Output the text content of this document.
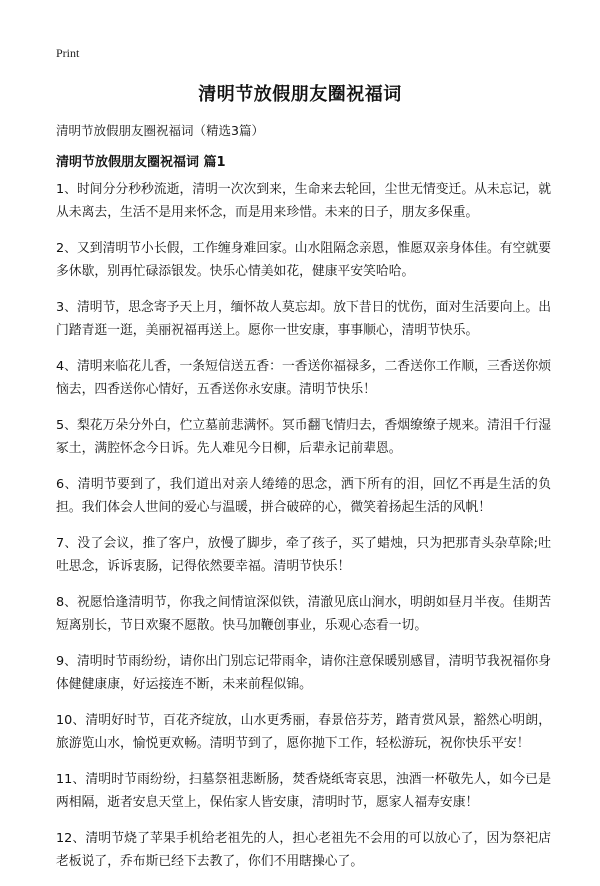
Print
清明节放假朋友圈祝福词

清明节放假朋友圈祝福词（精选3篇）

清明节放假朋友圈祝福词 篇1
1、时间分分秒秒流逝，清明一次次到来，生命来去轮回，尘世无情变迁。从未忘记，就从未离去，生活不是用来怀念，而是用来珍惜。未来的日子，朋友多保重。
2、又到清明节小长假，工作缠身难回家。山水阻隔念亲恩，惟愿双亲身体佳。有空就要多休歇，别再忙碌添银发。快乐心情美如花，健康平安笑哈哈。
3、清明节，思念寄予天上月，缅怀故人莫忘却。放下昔日的忧伤，面对生活要向上。出门踏青逛一逛，美丽祝福再送上。愿你一世安康，事事顺心，清明节快乐。
4、清明来临花儿香，一条短信送五香：一香送你福禄多，二香送你工作顺，三香送你烦恼去，四香送你心情好，五香送你永安康。清明节快乐！
5、梨花万朵分外白，伫立墓前悲满怀。冥币翻飞情归去，香烟缭缭子规来。清泪千行湿冢土，满腔怀念今日诉。先人难见今日柳，后辈永记前辈恩。
6、清明节要到了，我们道出对亲人绻绻的思念，洒下所有的泪，回忆不再是生活的负担。我们体会人世间的爱心与温暖，拼合破碎的心，微笑着扬起生活的风帆！
7、没了会议，推了客户，放慢了脚步，牵了孩子，买了蜡烛，只为把那青头杂草除;吐吐思念，诉诉衷肠，记得依然要幸福。清明节快乐！
8、祝愿恰逢清明节，你我之间情谊深似铁，清澈见底山涧水，明朗如昼月半夜。佳期苦短离别长，节日欢聚不愿散。快马加鞭创事业，乐观心态看一切。
9、清明时节雨纷纷，请你出门别忘记带雨伞，请你注意保暖别感冒，清明节我祝福你身体健健康康，好运接连不断，未来前程似锦。
10、清明好时节，百花齐绽放，山水更秀丽，春景倍芬芳，踏青赏风景，豁然心明朗，旅游览山水，愉悦更欢畅。清明节到了，愿你抛下工作，轻松游玩，祝你快乐平安！
11、清明时节雨纷纷，扫墓祭祖悲断肠，焚香烧纸寄哀思，浊酒一杯敬先人，如今已是两相隔，逝者安息天堂上，保佑家人皆安康，清明时节，愿家人福寿安康！
12、清明节烧了苹果手机给老祖先的人，担心老祖先不会用的可以放心了，因为祭祀店老板说了，乔布斯已经下去教了，你们不用瞎操心了。
